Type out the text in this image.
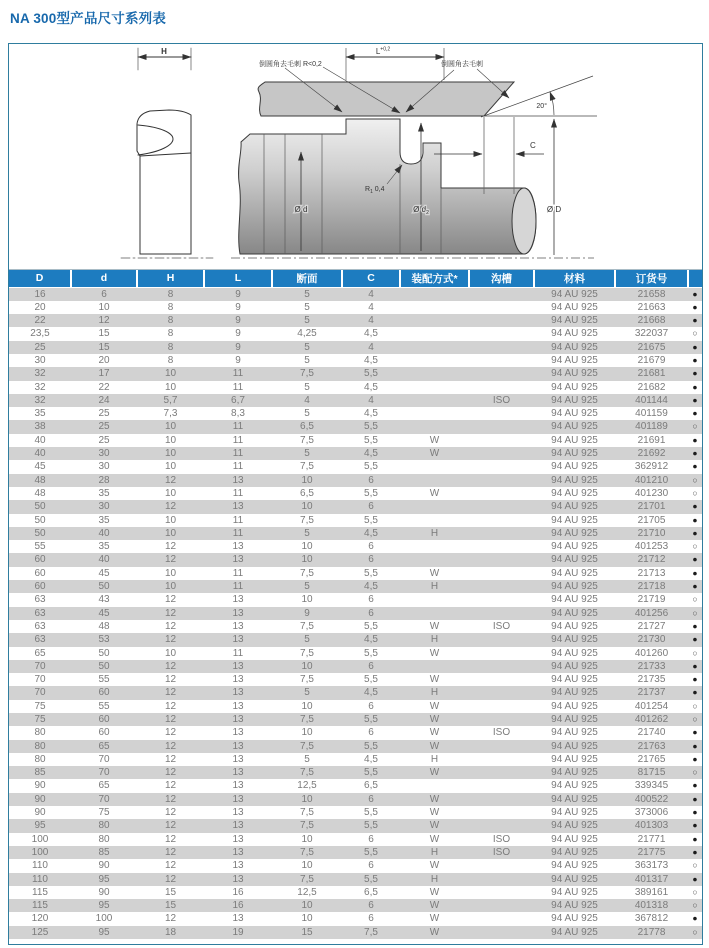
NA 300型产品尺寸系列表
H
20°
$L^{+0,2}$
倒圆角去毛刺 R<0,2	倒圆角去毛刺
C
$R_1$ 0,4
Ø d	Ø $d_2$	Ø D
D	d	H	L	断面	C	装配方式*	沟槽	材料	订货号	
16	6	8	9	5	4			94 AU 925	21658	●
20	10	8	9	5	4			94 AU 925	21663	●
22	12	8	9	5	4			94 AU 925	21668	●
23,5	15	8	9	4,25	4,5			94 AU 925	322037	○
25	15	8	9	5	4			94 AU 925	21675	●
30	20	8	9	5	4,5			94 AU 925	21679	●
32	17	10	11	7,5	5,5			94 AU 925	21681	●
32	22	10	11	5	4,5			94 AU 925	21682	●
32	24	5,7	6,7	4	4		ISO	94 AU 925	401144	●
35	25	7,3	8,3	5	4,5			94 AU 925	401159	●
38	25	10	11	6,5	5,5			94 AU 925	401189	○
40	25	10	11	7,5	5,5	W		94 AU 925	21691	●
40	30	10	11	5	4,5	W		94 AU 925	21692	●
45	30	10	11	7,5	5,5			94 AU 925	362912	●
48	28	12	13	10	6			94 AU 925	401210	○
48	35	10	11	6,5	5,5	W		94 AU 925	401230	○
50	30	12	13	10	6			94 AU 925	21701	●
50	35	10	11	7,5	5,5			94 AU 925	21705	●
50	40	10	11	5	4,5	H		94 AU 925	21710	●
55	35	12	13	10	6			94 AU 925	401253	○
60	40	12	13	10	6			94 AU 925	21712	●
60	45	10	11	7,5	5,5	W		94 AU 925	21713	●
60	50	10	11	5	4,5	H		94 AU 925	21718	●
63	43	12	13	10	6			94 AU 925	21719	○
63	45	12	13	9	6			94 AU 925	401256	○
63	48	12	13	7,5	5,5	W	ISO	94 AU 925	21727	●
63	53	12	13	5	4,5	H		94 AU 925	21730	●
65	50	10	11	7,5	5,5	W		94 AU 925	401260	○
70	50	12	13	10	6			94 AU 925	21733	●
70	55	12	13	7,5	5,5	W		94 AU 925	21735	●
70	60	12	13	5	4,5	H		94 AU 925	21737	●
75	55	12	13	10	6	W		94 AU 925	401254	○
75	60	12	13	7,5	5,5	W		94 AU 925	401262	○
80	60	12	13	10	6	W	ISO	94 AU 925	21740	●
80	65	12	13	7,5	5,5	W		94 AU 925	21763	●
80	70	12	13	5	4,5	H		94 AU 925	21765	●
85	70	12	13	7,5	5,5	W		94 AU 925	81715	○
90	65	12	13	12,5	6,5			94 AU 925	339345	●
90	70	12	13	10	6	W		94 AU 925	400522	●
90	75	12	13	7,5	5,5	W		94 AU 925	373006	●
95	80	12	13	7,5	5,5	W		94 AU 925	401303	●
100	80	12	13	10	6	W	ISO	94 AU 925	21771	●
100	85	12	13	7,5	5,5	H	ISO	94 AU 925	21775	●
110	90	12	13	10	6	W		94 AU 925	363173	○
110	95	12	13	7,5	5,5	H		94 AU 925	401317	●
115	90	15	16	12,5	6,5	W		94 AU 925	389161	○
115	95	15	16	10	6	W		94 AU 925	401318	○
120	100	12	13	10	6	W		94 AU 925	367812	●
125	95	18	19	15	7,5	W		94 AU 925	21778	○
